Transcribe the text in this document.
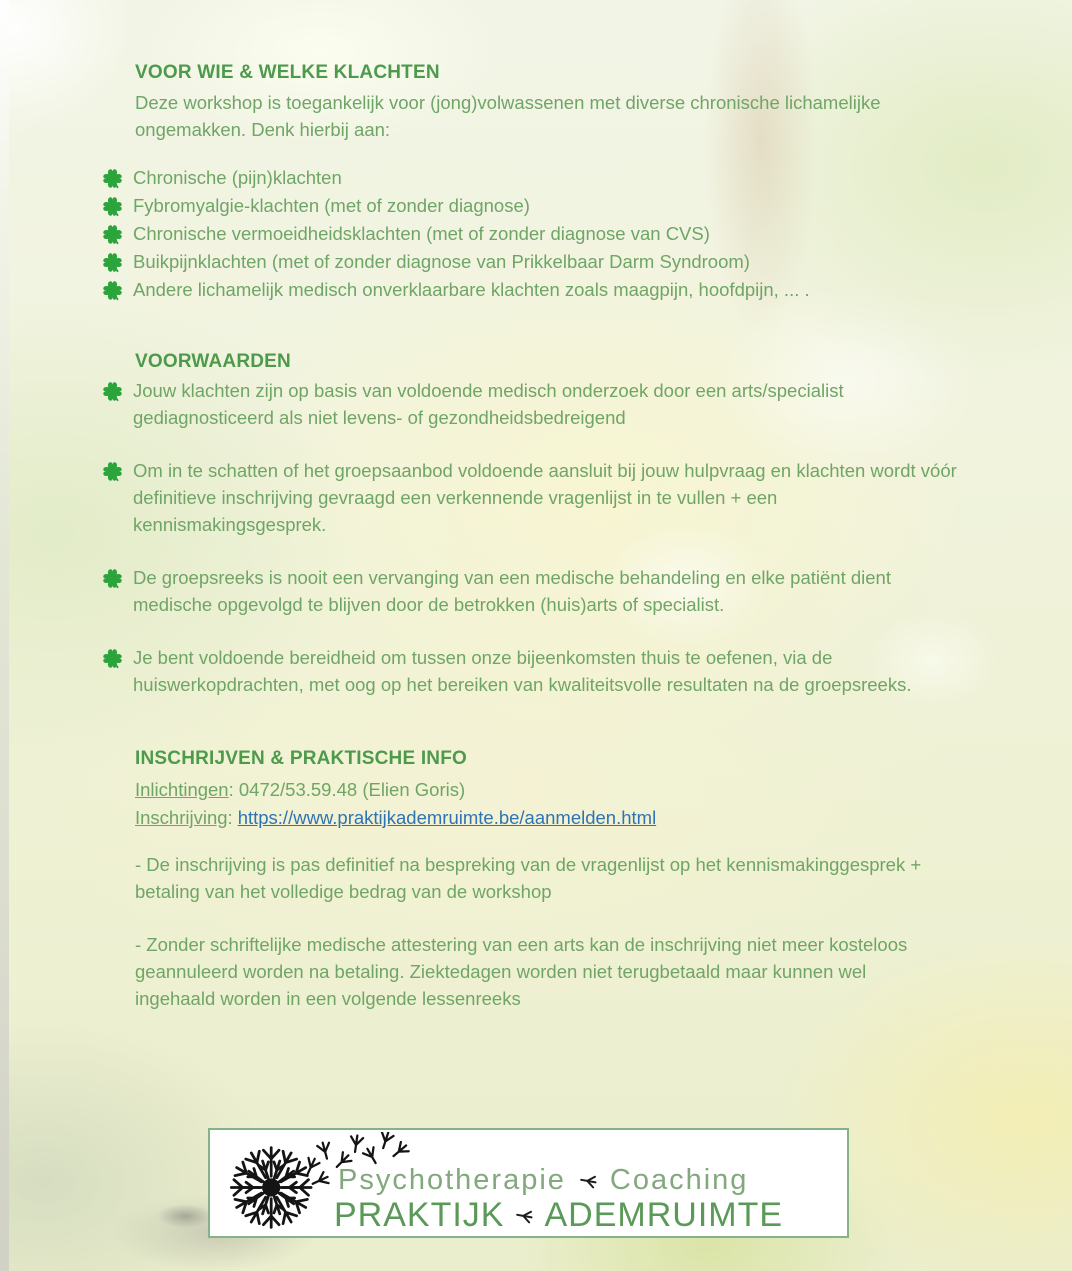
VOOR WIE & WELKE KLACHTEN

Deze workshop is toegankelijk voor (jong)volwassenen met diverse chronische lichamelijke ongemakken. Denk hierbij aan:

Chronische (pijn)klachten
Fybromyalgie-klachten (met of zonder diagnose)
Chronische vermoeidheidsklachten (met of zonder diagnose van CVS)
Buikpijnklachten (met of zonder diagnose van Prikkelbaar Darm Syndroom)
Andere lichamelijk medisch onverklaarbare klachten zoals maagpijn, hoofdpijn, ... .
VOORWAARDEN
Jouw klachten zijn op basis van voldoende medisch onderzoek door een arts/specialist gediagnosticeerd als niet levens- of gezondheidsbedreigend
Om in te schatten of het groepsaanbod voldoende aansluit bij jouw hulpvraag en klachten wordt vóór definitieve inschrijving gevraagd een verkennende vragenlijst in te vullen + een kennismakingsgesprek.
De groepsreeks is nooit een vervanging van een medische behandeling en elke patiënt dient medische opgevolgd te blijven door de betrokken (huis)arts of specialist.
Je bent voldoende bereidheid om tussen onze bijeenkomsten thuis te oefenen, via de huiswerkopdrachten, met oog op het bereiken van kwaliteitsvolle resultaten na de groepsreeks.
INSCHRIJVEN & PRAKTISCHE INFO

Inlichtingen: 0472/53.59.48 (Elien Goris)

Inschrijving: https://www.praktijkademruimte.be/aanmelden.html

- De inschrijving is pas definitief na bespreking van de vragenlijst op het kennismakinggesprek + betaling van het volledige bedrag van de workshop

- Zonder schriftelijke medische attestering van een arts kan de inschrijving niet meer kosteloos geannuleerd worden na betaling. Ziektedagen worden niet terugbetaald maar kunnen wel ingehaald worden in een volgende lessenreeks

Psychotherapie Coaching
PRAKTIJK ADEMRUIMTE
